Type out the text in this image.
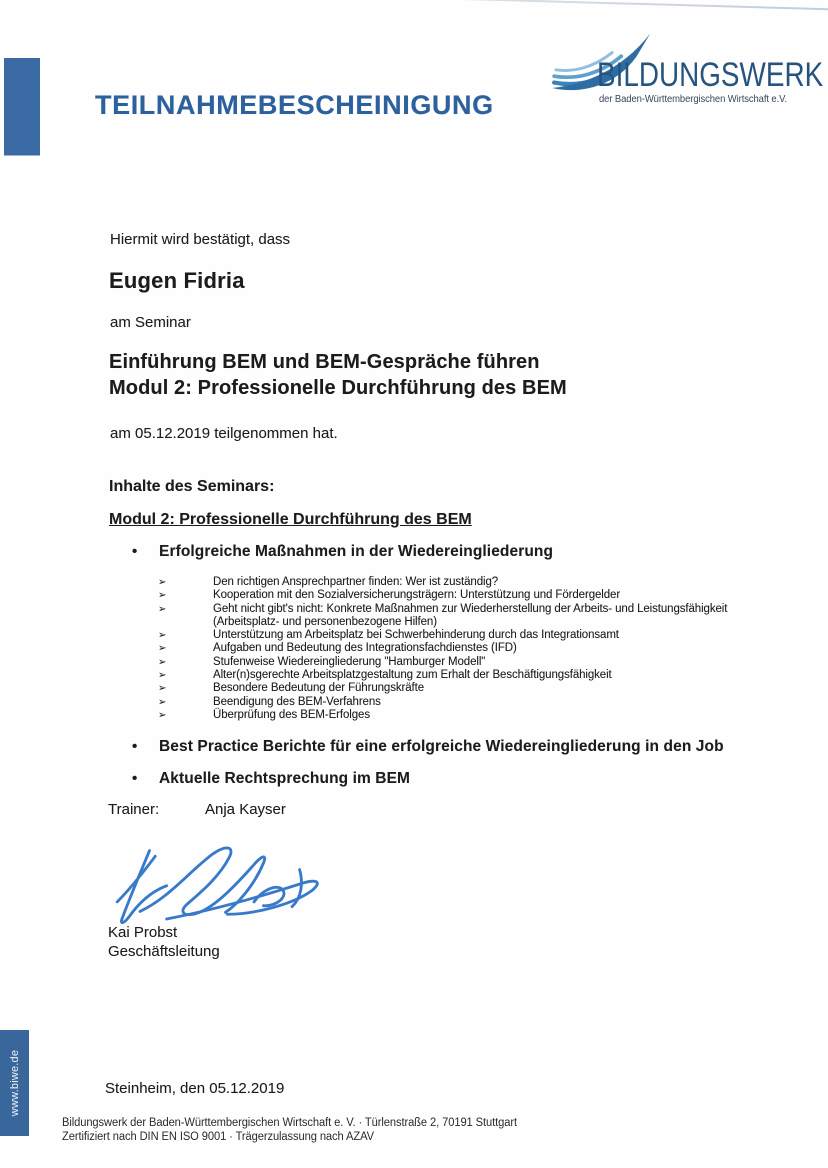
TEILNAHMEBESCHEINIGUNG
BILDUNGSWERK
der Baden-Württembergischen Wirtschaft e.V.
Hiermit wird bestätigt, dass
Eugen Fidria
am Seminar
Einführung BEM und BEM-Gespräche führen
Modul 2: Professionelle Durchführung des BEM
am 05.12.2019 teilgenommen hat.
Inhalte des Seminars:
Modul 2: Professionelle Durchführung des BEM
•	Erfolgreiche Maßnahmen in der Wiedereingliederung
➢	Den richtigen Ansprechpartner finden: Wer ist zuständig?
➢	Kooperation mit den Sozialversicherungsträgern: Unterstützung und Fördergelder
➢	Geht nicht gibt's nicht: Konkrete Maßnahmen zur Wiederherstellung der Arbeits- und Leistungsfähigkeit (Arbeitsplatz- und personenbezogene Hilfen)
➢	Unterstützung am Arbeitsplatz bei Schwerbehinderung durch das Integrationsamt
➢	Aufgaben und Bedeutung des Integrationsfachdienstes (IFD)
➢	Stufenweise Wiedereingliederung "Hamburger Modell"
➢	Alter(n)sgerechte Arbeitsplatzgestaltung zum Erhalt der Beschäftigungsfähigkeit
➢	Besondere Bedeutung der Führungskräfte
➢	Beendigung des BEM-Verfahrens
➢	Überprüfung des BEM-Erfolges
•	Best Practice Berichte für eine erfolgreiche Wiedereingliederung in den Job
•	Aktuelle Rechtsprechung im BEM
Trainer:	Anja Kayser
Kai Probst
Geschäftsleitung
www.biwe.de	Steinheim, den 05.12.2019
Bildungswerk der Baden-Württembergischen Wirtschaft e. V. · Türlenstraße 2, 70191 Stuttgart
Zertifiziert nach DIN EN ISO 9001 · Trägerzulassung nach AZAV
